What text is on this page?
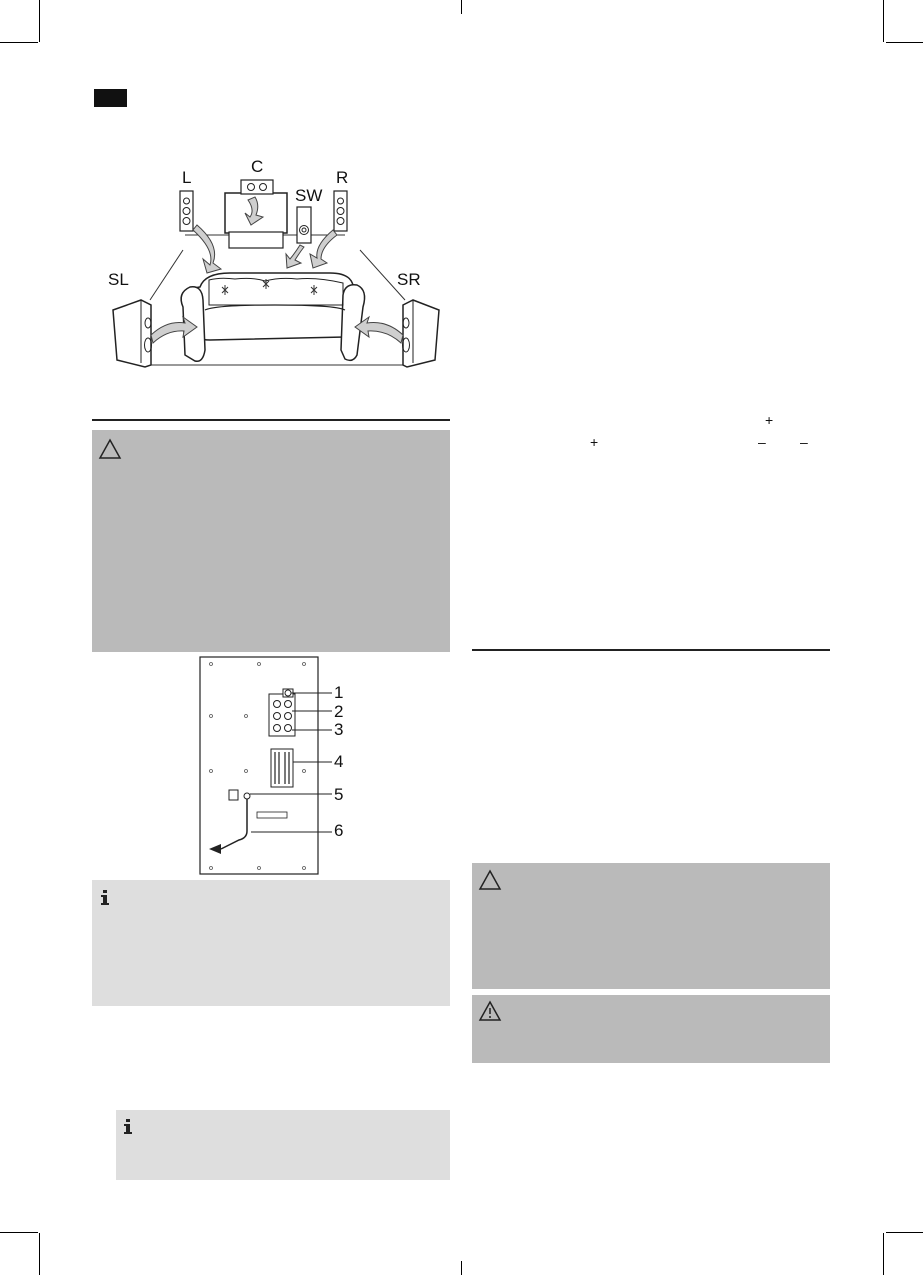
C
L	R
SW
SL	SR
1
2
3
4
5
6
+
+	– –
